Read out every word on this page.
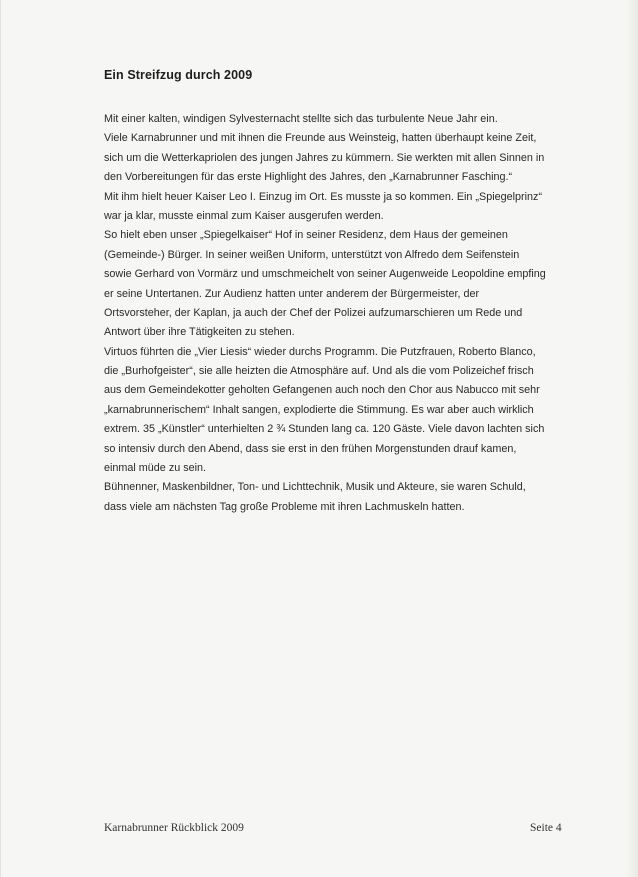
Ein Streifzug durch 2009
Mit einer kalten, windigen Sylvesternacht stellte sich das turbulente Neue Jahr ein.
Viele Karnabrunner und mit ihnen die Freunde aus Weinsteig, hatten überhaupt keine Zeit,
sich um die Wetterkapriolen des jungen Jahres zu kümmern. Sie werkten mit allen Sinnen in
den Vorbereitungen für das erste Highlight des Jahres, den „Karnabrunner Fasching.“
Mit ihm hielt heuer Kaiser Leo I. Einzug im Ort. Es musste ja so kommen. Ein „Spiegelprinz“
war ja klar, musste einmal zum Kaiser ausgerufen werden.
So hielt eben unser „Spiegelkaiser“ Hof in seiner Residenz, dem Haus der gemeinen
(Gemeinde-) Bürger. In seiner weißen Uniform, unterstützt von Alfredo dem Seifenstein
sowie Gerhard von Vormärz und umschmeichelt von seiner Augenweide Leopoldine empfing
er seine Untertanen. Zur Audienz hatten unter anderem der Bürgermeister, der
Ortsvorsteher, der Kaplan, ja auch der Chef der Polizei aufzumarschieren um Rede und
Antwort über ihre Tätigkeiten zu stehen.
Virtuos führten die „Vier Liesis“ wieder durchs Programm. Die Putzfrauen, Roberto Blanco,
die „Burhofgeister“, sie alle heizten die Atmosphäre auf. Und als die vom Polizeichef frisch
aus dem Gemeindekotter geholten Gefangenen auch noch den Chor aus Nabucco mit sehr
„karnabrunnerischem“ Inhalt sangen, explodierte die Stimmung. Es war aber auch wirklich
extrem. 35 „Künstler“ unterhielten 2 ¾ Stunden lang ca. 120 Gäste. Viele davon lachten sich
so intensiv durch den Abend, dass sie erst in den frühen Morgenstunden drauf kamen,
einmal müde zu sein.
Bühnenner, Maskenbildner, Ton- und Lichttechnik, Musik und Akteure, sie waren Schuld,
dass viele am nächsten Tag große Probleme mit ihren Lachmuskeln hatten.
Karnabrunner Rückblick 2009	Seite 4
